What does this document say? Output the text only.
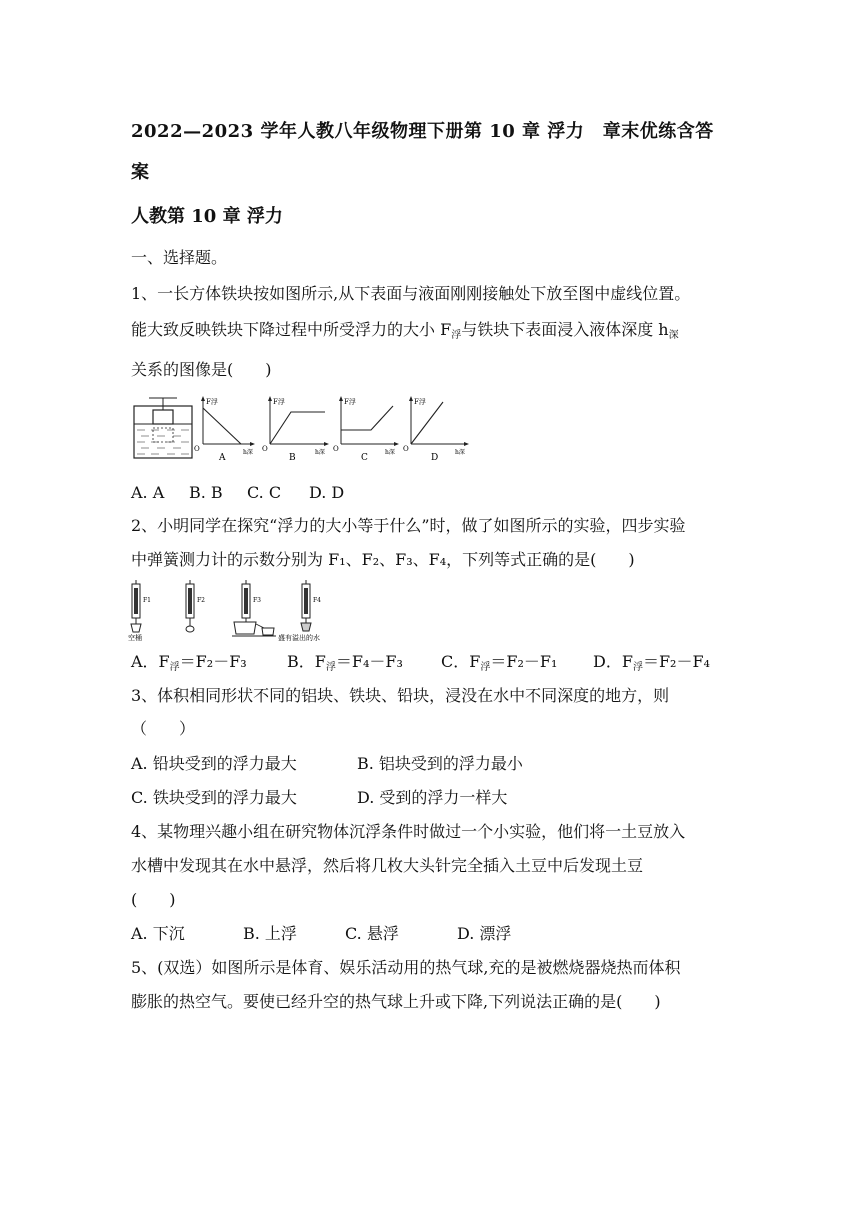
2022—2023 学年人教八年级物理下册第 10 章 浮力　章末优练含答
案
人教第 10 章 浮力
一、选择题。
1、一长方体铁块按如图所示,从下表面与液面刚刚接触处下放至图中虚线位置。
能大致反映铁块下降过程中所受浮力的大小 $F_浮$与铁块下表面浸入液体深度 $h_深$
关系的图像是(　　)
F浮
O	h深
A
F浮
O	h深
B
F浮
O	h深
C
F浮
O	h深
D
A. A B. B C. C D. D
2、小明同学在探究“浮力的大小等于什么”时，做了如图所示的实验，四步实验
中弹簧测力计的示数分别为 F₁、F₂、F₃、F₄，下列等式正确的是(　　)
F1
空桶
F2	F3	F4
盛有溢出的水
A．$F_浮=F_2-F_3$	B．$F_浮=F_4-F_3$ C．$F_浮=F_2-F_1$ D．$F_浮=F_2-F_4$
3、体积相同形状不同的铝块、铁块、铅块，浸没在水中不同深度的地方，则
（　　）
A. 铅块受到的浮力最大	B. 铝块受到的浮力最小
C. 铁块受到的浮力最大	D. 受到的浮力一样大
4、某物理兴趣小组在研究物体沉浮条件时做过一个小实验，他们将一土豆放入
水槽中发现其在水中悬浮，然后将几枚大头针完全插入土豆中后发现土豆
(　　)
A. 下沉	B. 上浮	C. 悬浮	D. 漂浮
5、(双选）如图所示是体育、娱乐活动用的热气球,充的是被燃烧器烧热而体积
膨胀的热空气。要使已经升空的热气球上升或下降,下列说法正确的是(　　)
